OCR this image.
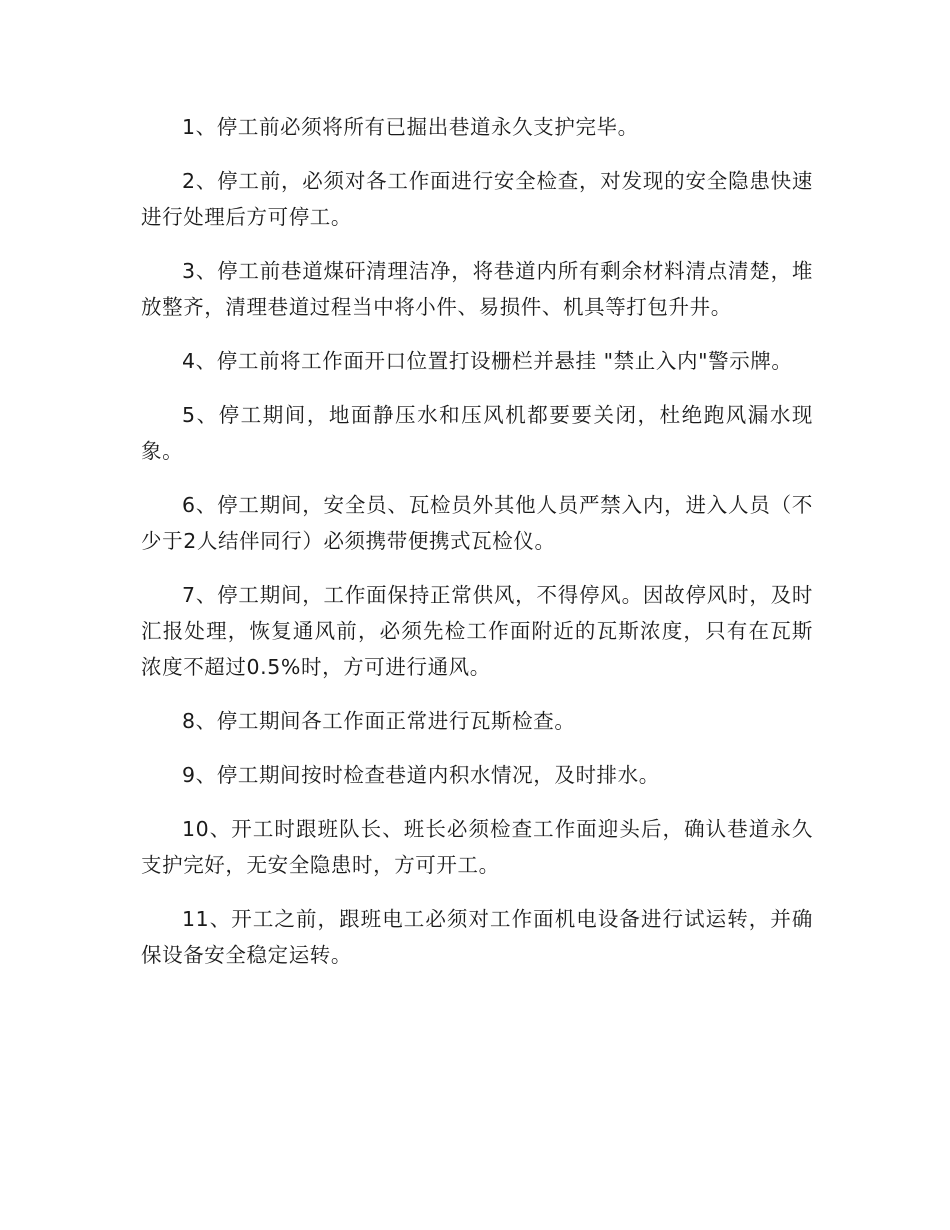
1、停工前必须将所有已掘出巷道永久支护完毕。

2、停工前，必须对各工作面进行安全检查，对发现的安全隐患快速进行处理后方可停工。

3、停工前巷道煤矸清理洁净，将巷道内所有剩余材料清点清楚，堆放整齐，清理巷道过程当中将小件、易损件、机具等打包升井。

4、停工前将工作面开口位置打设栅栏并悬挂 "禁止入内"警示牌。

5、停工期间，地面静压水和压风机都要要关闭，杜绝跑风漏水现象。

6、停工期间，安全员、瓦检员外其他人员严禁入内，进入人员（不少于2人结伴同行）必须携带便携式瓦检仪。

7、停工期间，工作面保持正常供风，不得停风。因故停风时，及时汇报处理，恢复通风前，必须先检工作面附近的瓦斯浓度，只有在瓦斯浓度不超过0.5%时，方可进行通风。

8、停工期间各工作面正常进行瓦斯检查。

9、停工期间按时检查巷道内积水情况，及时排水。

10、开工时跟班队长、班长必须检查工作面迎头后，确认巷道永久支护完好，无安全隐患时，方可开工。

11、开工之前，跟班电工必须对工作面机电设备进行试运转，并确保设备安全稳定运转。
